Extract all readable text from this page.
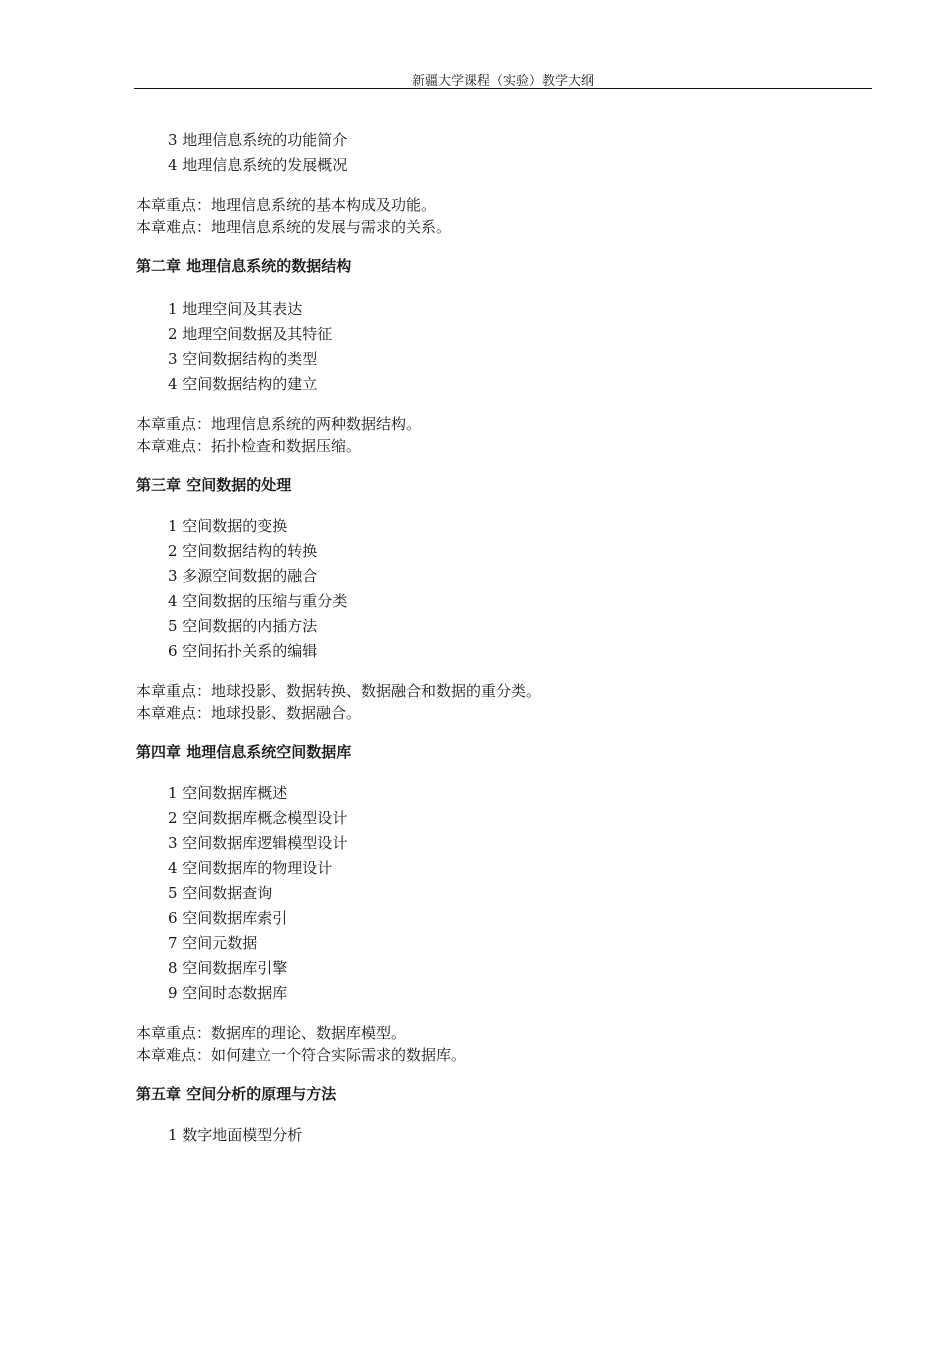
新疆大学课程（实验）教学大纲
3 地理信息系统的功能简介
4 地理信息系统的发展概况
本章重点：地理信息系统的基本构成及功能。
本章难点：地理信息系统的发展与需求的关系。
第二章 地理信息系统的数据结构
1 地理空间及其表达
2 地理空间数据及其特征
3 空间数据结构的类型
4 空间数据结构的建立
本章重点：地理信息系统的两种数据结构。
本章难点：拓扑检查和数据压缩。
第三章 空间数据的处理
1 空间数据的变换
2 空间数据结构的转换
3 多源空间数据的融合
4 空间数据的压缩与重分类
5 空间数据的内插方法
6 空间拓扑关系的编辑
本章重点：地球投影、数据转换、数据融合和数据的重分类。
本章难点：地球投影、数据融合。
第四章 地理信息系统空间数据库
1 空间数据库概述
2 空间数据库概念模型设计
3 空间数据库逻辑模型设计
4 空间数据库的物理设计
5 空间数据查询
6 空间数据库索引
7 空间元数据
8 空间数据库引擎
9 空间时态数据库
本章重点：数据库的理论、数据库模型。
本章难点：如何建立一个符合实际需求的数据库。
第五章 空间分析的原理与方法
1 数字地面模型分析
